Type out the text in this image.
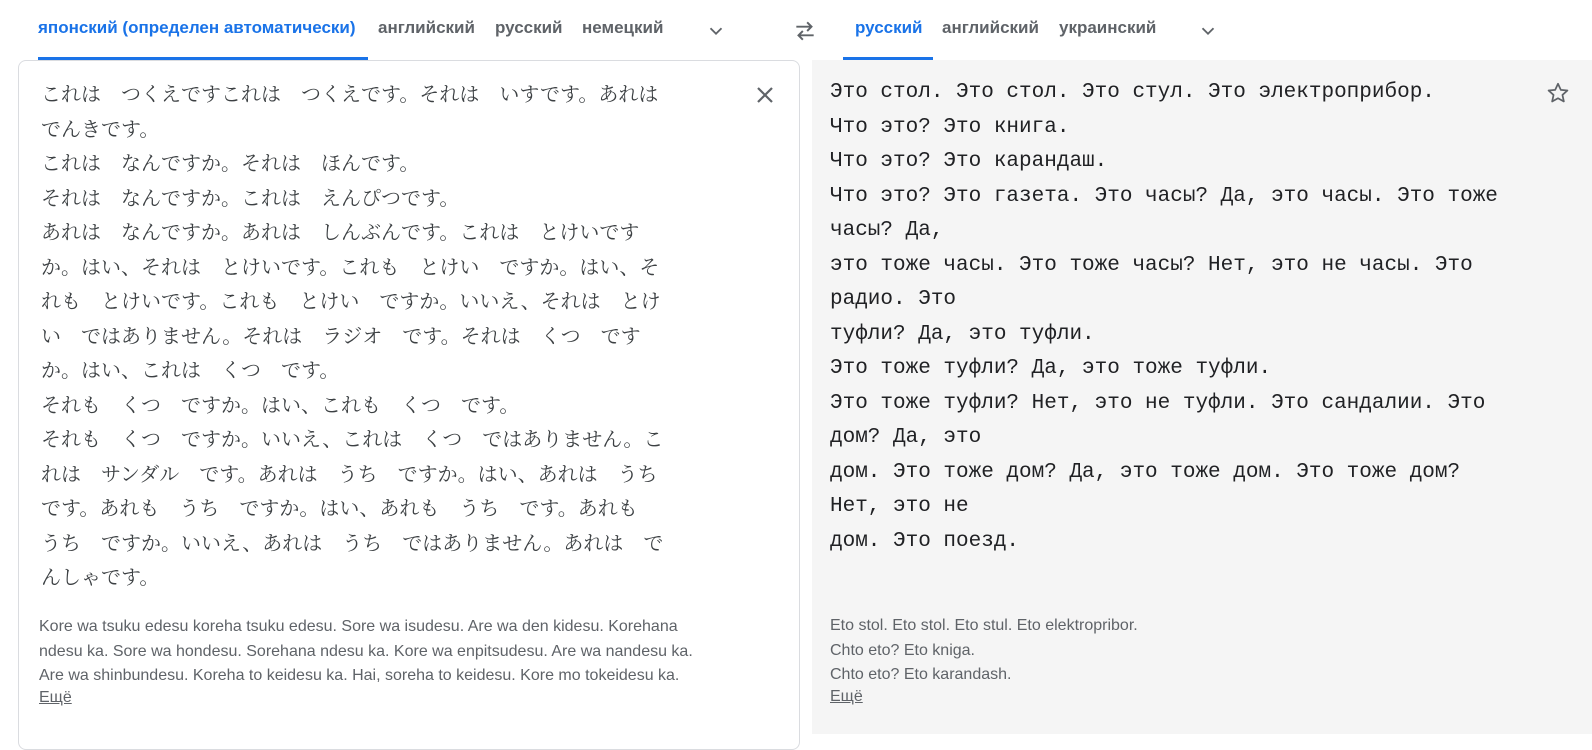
японский (определен автоматически)	английский русский немецкий	русский	английский украинский
これは　つくえですこれは　つくえです。それは　いすです。あれは
でんきです。
これは　なんですか。それは　ほんです。
それは　なんですか。これは　えんぴつです。
あれは　なんですか。あれは　しんぶんです。これは　とけいです
か。はい、それは　とけいです。これも　とけい　ですか。はい、そ
れも　とけいです。これも　とけい　ですか。いいえ、それは　とけ
い　ではありません。それは　ラジオ　です。それは　くつ　です
か。はい、これは　くつ　です。
それも　くつ　ですか。はい、これも　くつ　です。
それも　くつ　ですか。いいえ、これは　くつ　ではありません。こ
れは　サンダル　です。あれは　うち　ですか。はい、あれは　うち
です。あれも　うち　ですか。はい、あれも　うち　です。あれも
うち　ですか。いいえ、あれは　うち　ではありません。あれは　で
んしゃです。
Kore wa tsuku edesu koreha tsuku edesu. Sore wa isudesu. Are wa den kidesu. Korehana
ndesu ka. Sore wa hondesu. Sorehana ndesu ka. Kore wa enpitsudesu. Are wa nandesu ka.
Are wa shinbundesu. Koreha to keidesu ka. Hai, soreha to keidesu. Kore mo tokeidesu ka.
Ещё
Это стол. Это стол. Это стул. Это электроприбор.
Что это? Это книга.
Что это? Это карандаш.
Что это? Это газета. Это часы? Да, это часы. Это тоже часы? Да,
это тоже часы. Это тоже часы? Нет, это не часы. Это радио. Это
туфли? Да, это туфли.
Это тоже туфли? Да, это тоже туфли.
Это тоже туфли? Нет, это не туфли. Это сандалии. Это дом? Да, это
дом. Это тоже дом? Да, это тоже дом. Это тоже дом? Нет, это не
дом. Это поезд.
Eto stol. Eto stol. Eto stul. Eto elektropribor.
Chto eto? Eto kniga.
Chto eto? Eto karandash.
Ещё
